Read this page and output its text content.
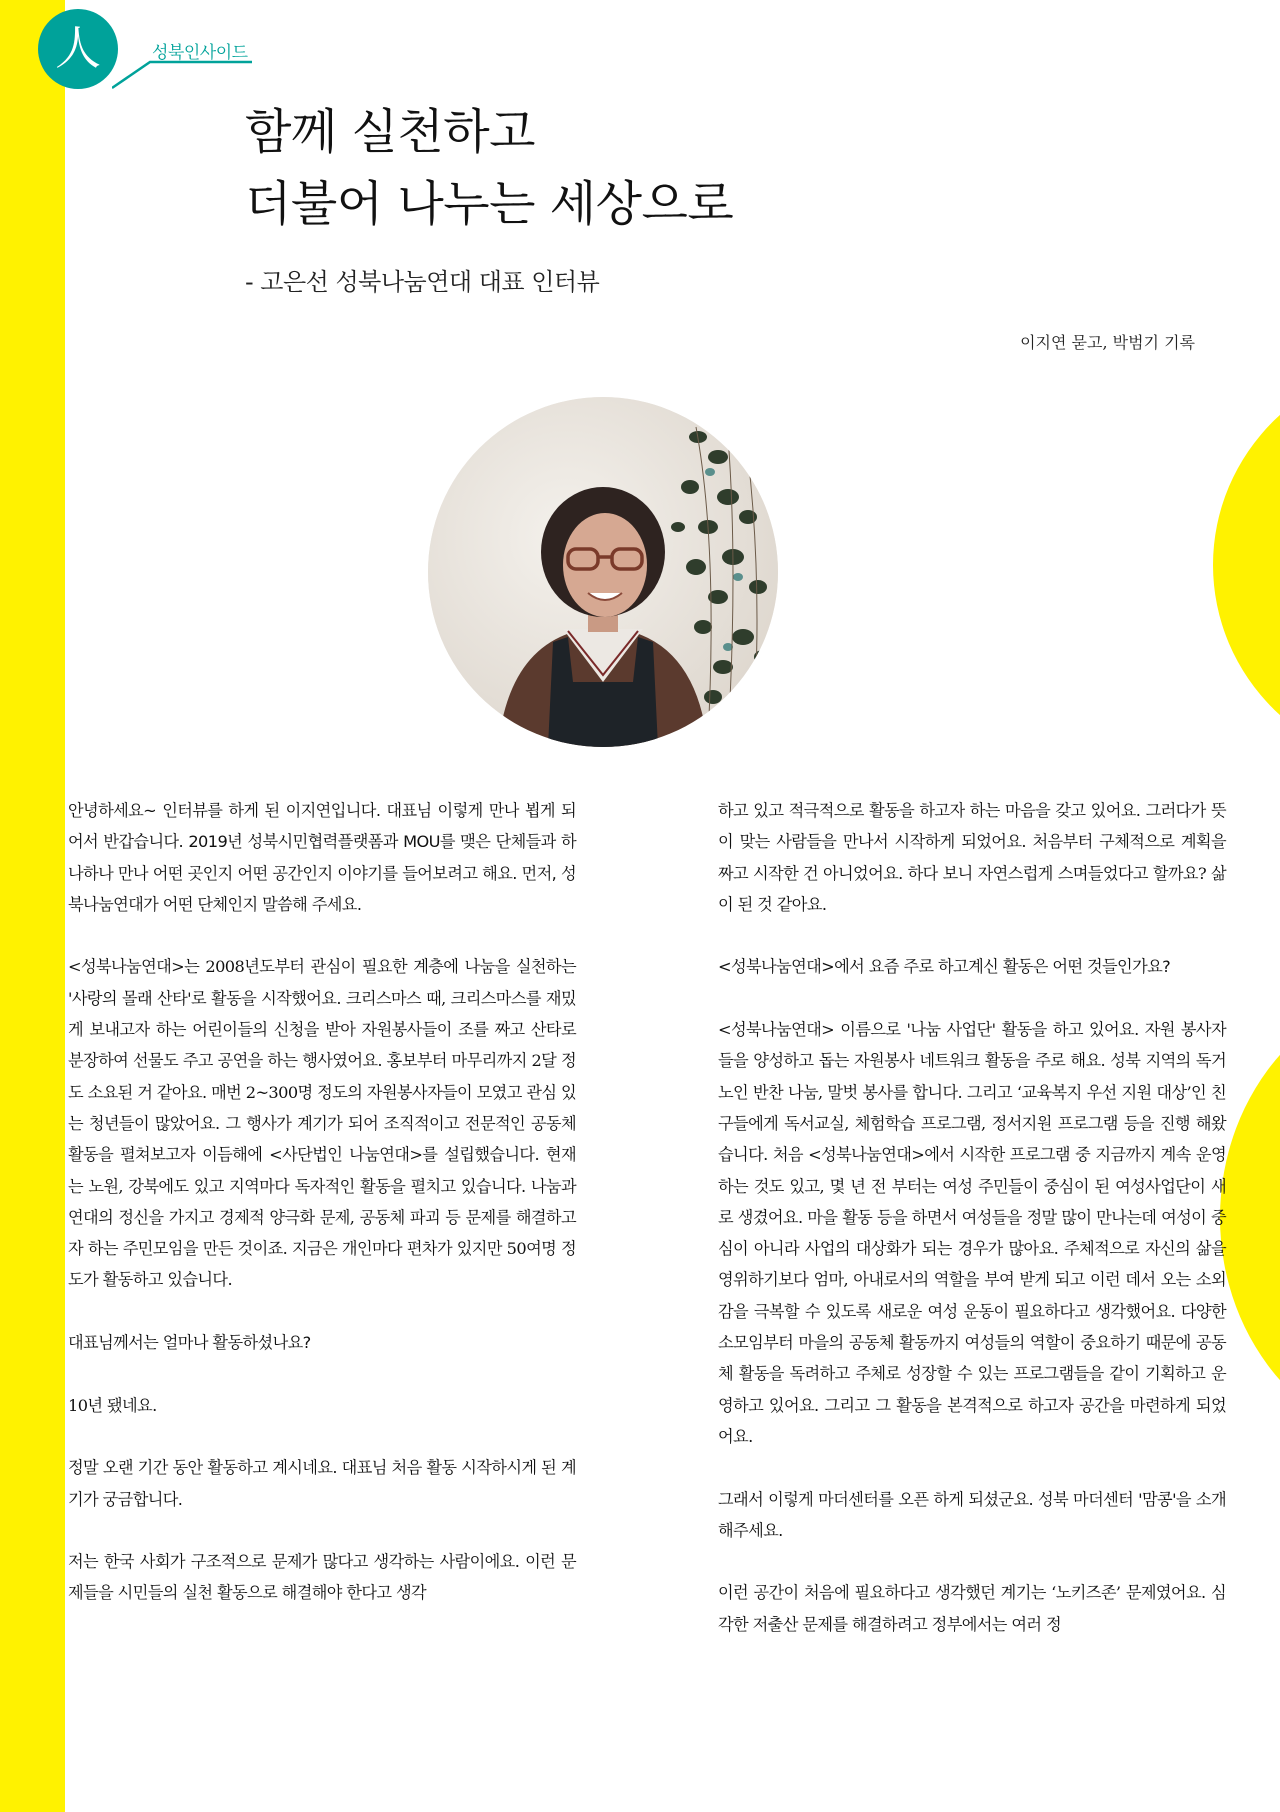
人	성북인사이드
함께 실천하고
더불어 나누는 세상으로
- 고은선 성북나눔연대 대표 인터뷰
이지연 묻고, 박범기 기록

안녕하세요~ 인터뷰를 하게 된 이지연입니다. 대표님 이렇게 만나 뵙게 되어서 반갑습니다. 2019년 성북시민협력플랫폼과 MOU를 맺은 단체들과 하나하나 만나 어떤 곳인지 어떤 공간인지 이야기를 들어보려고 해요. 먼저, 성북나눔연대가 어떤 단체인지 말씀해 주세요.

<성북나눔연대>는 2008년도부터 관심이 필요한 계층에 나눔을 실천하는 '사랑의 몰래 산타'로 활동을 시작했어요. 크리스마스 때, 크리스마스를 재밌게 보내고자 하는 어린이들의 신청을 받아 자원봉사들이 조를 짜고 산타로 분장하여 선물도 주고 공연을 하는 행사였어요. 홍보부터 마무리까지 2달 정도 소요된 거 같아요. 매번 2~300명 정도의 자원봉사자들이 모였고 관심 있는 청년들이 많았어요. 그 행사가 계기가 되어 조직적이고 전문적인 공동체 활동을 펼쳐보고자 이듬해에 <사단법인 나눔연대>를 설립했습니다. 현재는 노원, 강북에도 있고 지역마다 독자적인 활동을 펼치고 있습니다. 나눔과 연대의 정신을 가지고 경제적 양극화 문제, 공동체 파괴 등 문제를 해결하고자 하는 주민모임을 만든 것이죠. 지금은 개인마다 편차가 있지만 50여명 정도가 활동하고 있습니다.

대표님께서는 얼마나 활동하셨나요?

10년 됐네요.

정말 오랜 기간 동안 활동하고 계시네요. 대표님 처음 활동 시작하시게 된 계기가 궁금합니다.

저는 한국 사회가 구조적으로 문제가 많다고 생각하는 사람이에요. 이런 문제들을 시민들의 실천 활동으로 해결해야 한다고 생각

하고 있고 적극적으로 활동을 하고자 하는 마음을 갖고 있어요. 그러다가 뜻이 맞는 사람들을 만나서 시작하게 되었어요. 처음부터 구체적으로 계획을 짜고 시작한 건 아니었어요. 하다 보니 자연스럽게 스며들었다고 할까요? 삶이 된 것 같아요.

<성북나눔연대>에서 요즘 주로 하고계신 활동은 어떤 것들인가요?

<성북나눔연대> 이름으로 '나눔 사업단' 활동을 하고 있어요. 자원 봉사자들을 양성하고 돕는 자원봉사 네트워크 활동을 주로 해요. 성북 지역의 독거노인 반찬 나눔, 말벗 봉사를 합니다. 그리고 ‘교육복지 우선 지원 대상’인 친구들에게 독서교실, 체험학습 프로그램, 정서지원 프로그램 등을 진행 해왔습니다. 처음 <성북나눔연대>에서 시작한 프로그램 중 지금까지 계속 운영하는 것도 있고, 몇 년 전 부터는 여성 주민들이 중심이 된 여성사업단이 새로 생겼어요. 마을 활동 등을 하면서 여성들을 정말 많이 만나는데 여성이 중심이 아니라 사업의 대상화가 되는 경우가 많아요. 주체적으로 자신의 삶을 영위하기보다 엄마, 아내로서의 역할을 부여 받게 되고 이런 데서 오는 소외감을 극복할 수 있도록 새로운 여성 운동이 필요하다고 생각했어요. 다양한 소모임부터 마을의 공동체 활동까지 여성들의 역할이 중요하기 때문에 공동체 활동을 독려하고 주체로 성장할 수 있는 프로그램들을 같이 기획하고 운영하고 있어요. 그리고 그 활동을 본격적으로 하고자 공간을 마련하게 되었어요.

그래서 이렇게 마더센터를 오픈 하게 되셨군요. 성북 마더센터 '맘콩'을 소개해주세요.

이런 공간이 처음에 필요하다고 생각했던 계기는 ‘노키즈존’ 문제였어요. 심각한 저출산 문제를 해결하려고 정부에서는 여러 정
